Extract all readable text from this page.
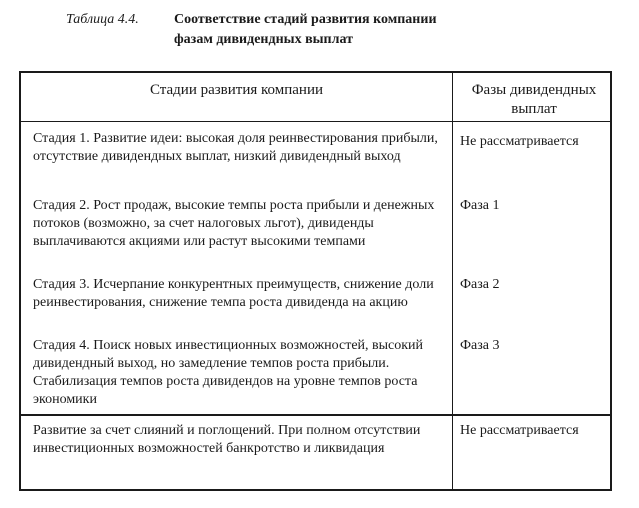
Таблица 4.4.	Соответствие стадий развития компании
фазам дивидендных выплат
Стадии развития компании	Фазы дивидендных выплат
Стадия 1. Развитие идеи: высокая доля реинвестирования прибыли, отсутствие дивидендных выплат, низкий дивидендный выход
Не рассматривается
Стадия 2. Рост продаж, высокие темпы роста прибыли и денежных потоков (возможно, за счет налоговых льгот), дивиденды выплачиваются акциями или растут высокими темпами
Фаза 1
Стадия 3. Исчерпание конкурентных преимуществ, снижение доли реинвестирования, снижение темпа роста дивиденда на акцию
Фаза 2
Стадия 4. Поиск новых инвестиционных возможностей, высокий дивидендный выход, но замедление темпов роста прибыли. Стабилизация темпов роста дивидендов на уровне темпов роста экономики
Фаза 3
Развитие за счет слияний и поглощений. При полном отсутствии инвестиционных возможностей банкротство и ликвидация
Не рассматривается
